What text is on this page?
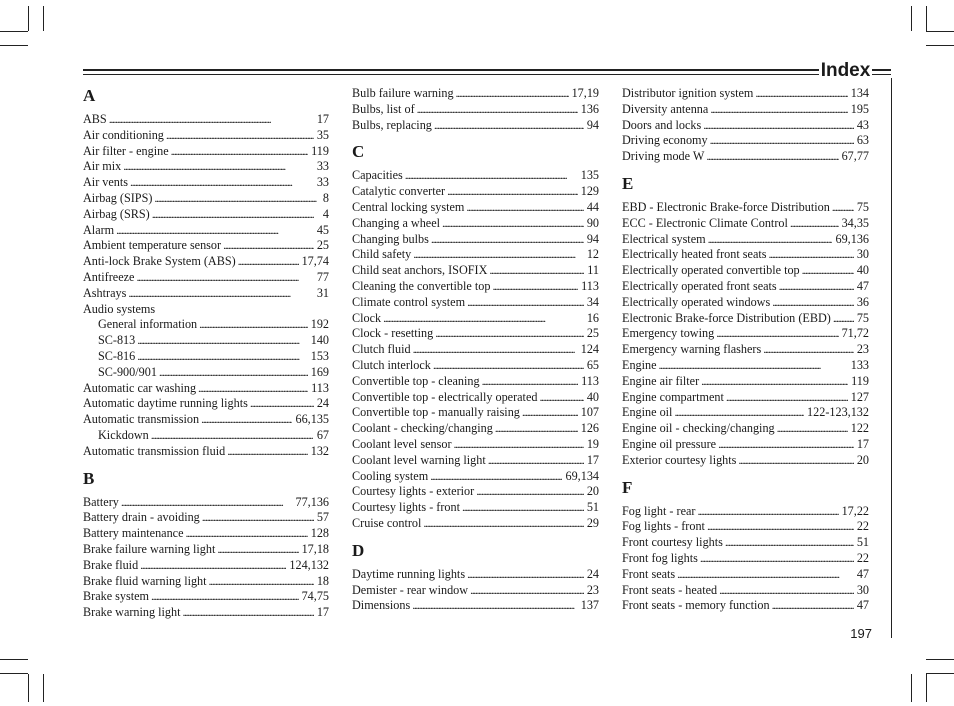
Index
A
ABS . . .	17
Air conditioning . . .	35
Air filter - engine . . .	119
Air mix . . .	33
Air vents . . .	33
Airbag (SIPS) . . .	8
Airbag (SRS) . . .	4
Alarm . . .	45
Ambient temperature sensor . . .	25
Anti-lock Brake System (ABS) . . .	17,74
Antifreeze . . .	77
Ashtrays . . .	31
Audio systems
General information . . .	192
SC-813 . . .	140
SC-816 . . .	153
SC-900/901 . . .	169
Automatic car washing . . .	113
Automatic daytime running lights . . .	24
Automatic transmission . . .	66,135
Kickdown . . .	67
Automatic transmission fluid . . .	132
B
Battery . . .	77,136
Battery drain - avoiding . . .	57
Battery maintenance . . .	128
Brake failure warning light . . .	17,18
Brake fluid . . .	124,132
Brake fluid warning light . . .	18
Brake system . . .	74,75
Brake warning light . . .	17
Bulb failure warning . . .	17,19
Bulbs, list of . . .	136
Bulbs, replacing . . .	94
C
Capacities . . .	135
Catalytic converter . . .	129
Central locking system . . .	44
Changing a wheel . . .	90
Changing bulbs . . .	94
Child safety . . .	12
Child seat anchors, ISOFIX . . .	11
Cleaning the convertible top . . .	113
Climate control system . . .	34
Clock . . .	16
Clock - resetting . . .	25
Clutch fluid . . .	124
Clutch interlock . . .	65
Convertible top - cleaning . . .	113
Convertible top - electrically operated . . .	40
Convertible top - manually raising . . .	107
Coolant - checking/changing . . .	126
Coolant level sensor . . .	19
Coolant level warning light . . .	17
Cooling system . . .	69,134
Courtesy lights - exterior . . .	20
Courtesy lights - front . . .	51
Cruise control . . .	29
D
Daytime running lights . . .	24
Demister - rear window . . .	23
Dimensions . . .	137
Distributor ignition system . . .	134
Diversity antenna . . .	195
Doors and locks . . .	43
Driving economy . . .	63
Driving mode W . . .	67,77
E
EBD - Electronic Brake-force Distribution . . . 75
ECC - Electronic Climate Control . . .	34,35
Electrical system . . .	69,136
Electrically heated front seats . . .	30
Electrically operated convertible top . . .	40
Electrically operated front seats . . .	47
Electrically operated windows . . .	36
Electronic Brake-force Distribution (EBD) . . . 75
Emergency towing . . .	71,72
Emergency warning flashers . . .	23
Engine . . .	133
Engine air filter . . .	119
Engine compartment . . .	127
Engine oil . . .	122-123,132
Engine oil - checking/changing . . .	122
Engine oil pressure . . .	17
Exterior courtesy lights . . .	20
F
Fog light - rear . . .	17,22
Fog lights - front . . .	22
Front courtesy lights . . .	51
Front fog lights . . .	22
Front seats . . .	47
Front seats - heated . . .	30
Front seats - memory function . . .	47
197
